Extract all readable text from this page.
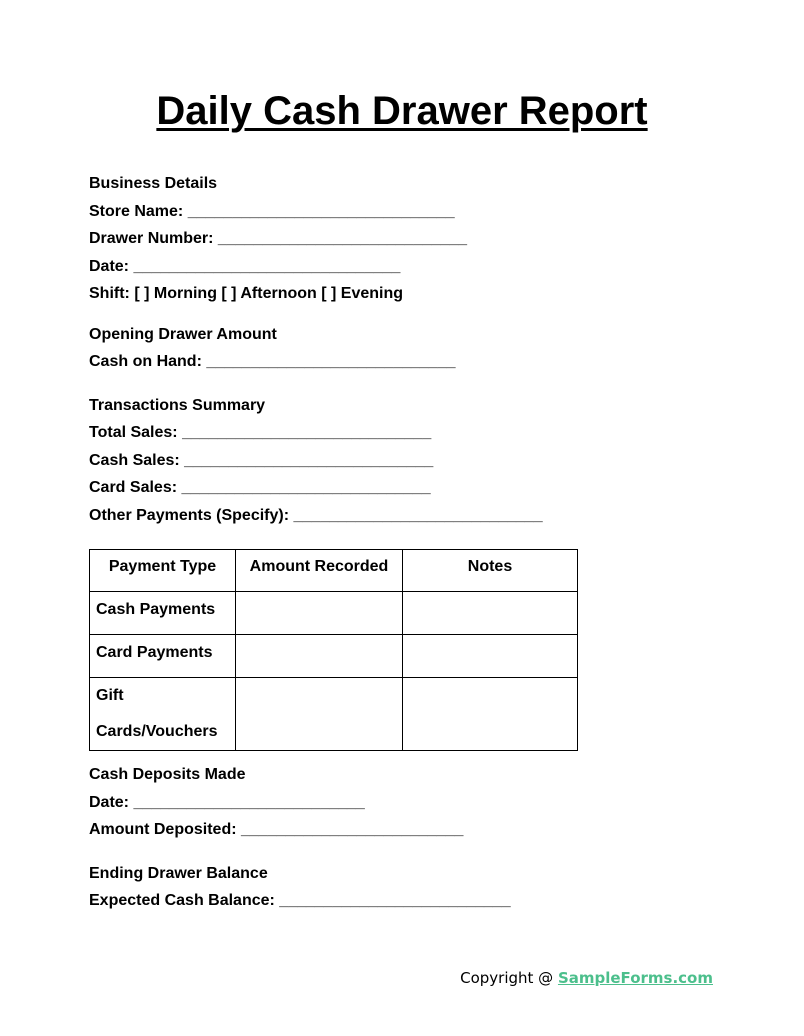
Daily Cash Drawer Report
Business Details
Store Name: ______________________________
Drawer Number: ____________________________
Date: ______________________________
Shift: [ ] Morning [ ] Afternoon [ ] Evening
Opening Drawer Amount
Cash on Hand: ____________________________
Transactions Summary
Total Sales: ____________________________
Cash Sales: ____________________________
Card Sales: ____________________________
Other Payments (Specify): ____________________________
Payment Type	Amount Recorded	Notes
Cash Payments		
Card Payments		
Gift
Cards/Vouchers		
Cash Deposits Made
Date: __________________________
Amount Deposited: _________________________
Ending Drawer Balance
Expected Cash Balance: __________________________
Copyright @ SampleForms.com
